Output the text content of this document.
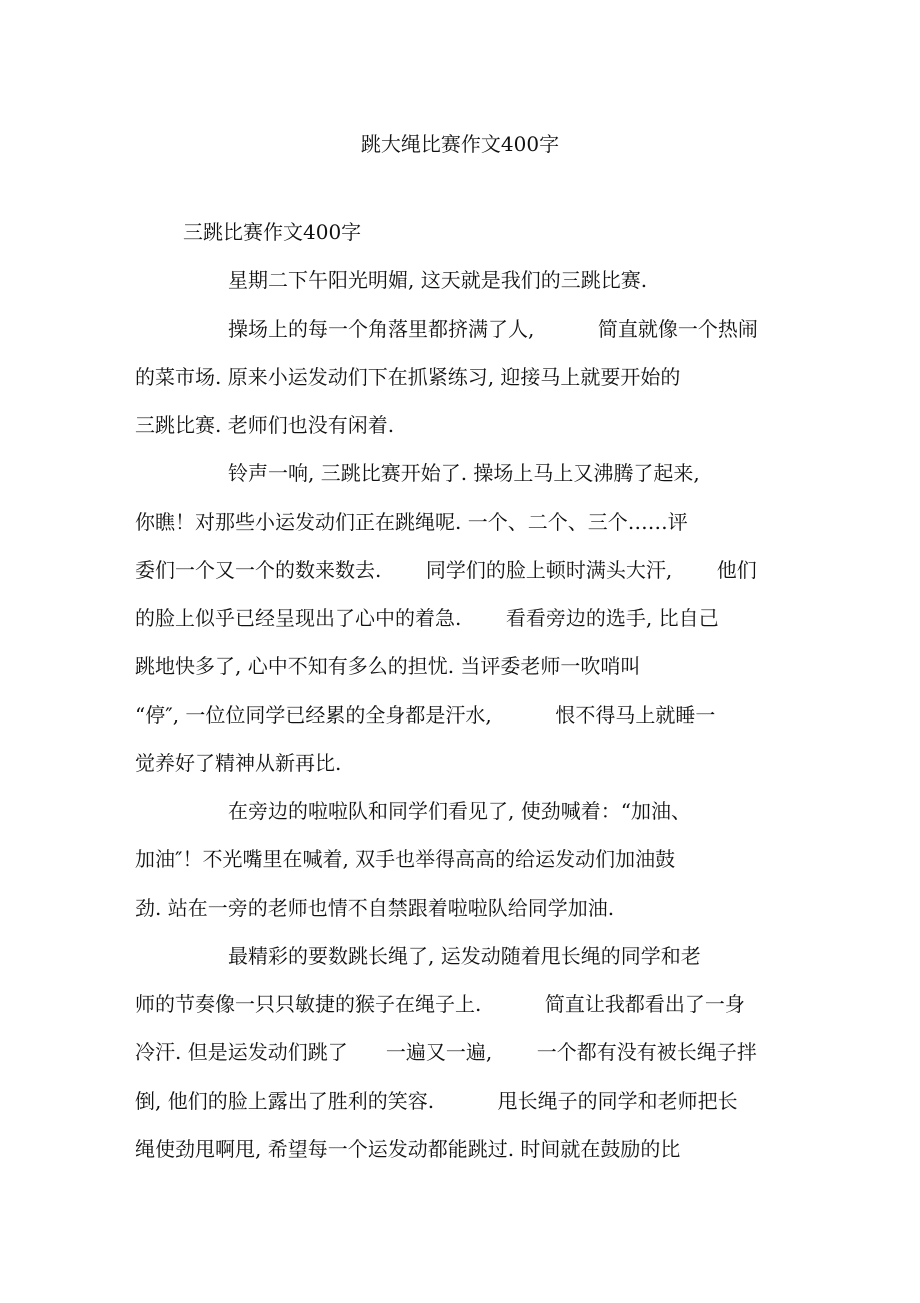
跳大绳比赛作文400字
三跳比赛作文400字
星期二下午阳光明媚, 这天就是我们的三跳比赛.
操场上的每一个角落里都挤满了人,          简直就像一个热闹
的菜市场. 原来小运发动们下在抓紧练习, 迎接马上就要开始的
三跳比赛. 老师们也没有闲着.
铃声一响, 三跳比赛开始了. 操场上马上又沸腾了起来,
你瞧！对那些小运发动们正在跳绳呢. 一个、二个、三个……评
委们一个又一个的数来数去.       同学们的脸上顿时满头大汗,       他们
的脸上似乎已经呈现出了心中的着急.       看看旁边的选手, 比自己
跳地快多了, 心中不知有多么的担忧. 当评委老师一吹哨叫
“停″, 一位位同学已经累的全身都是汗水,          恨不得马上就睡一
觉养好了精神从新再比.
在旁边的啦啦队和同学们看见了, 使劲喊着：“加油、
加油″！不光嘴里在喊着, 双手也举得高高的给运发动们加油鼓
劲. 站在一旁的老师也情不自禁跟着啦啦队给同学加油.
最精彩的要数跳长绳了, 运发动随着甩长绳的同学和老
师的节奏像一只只敏捷的猴子在绳子上.          简直让我都看出了一身
冷汗. 但是运发动们跳了      一遍又一遍,       一个都有没有被长绳子拌
倒, 他们的脸上露出了胜利的笑容.          甩长绳子的同学和老师把长
绳使劲甩啊甩, 希望每一个运发动都能跳过. 时间就在鼓励的比
